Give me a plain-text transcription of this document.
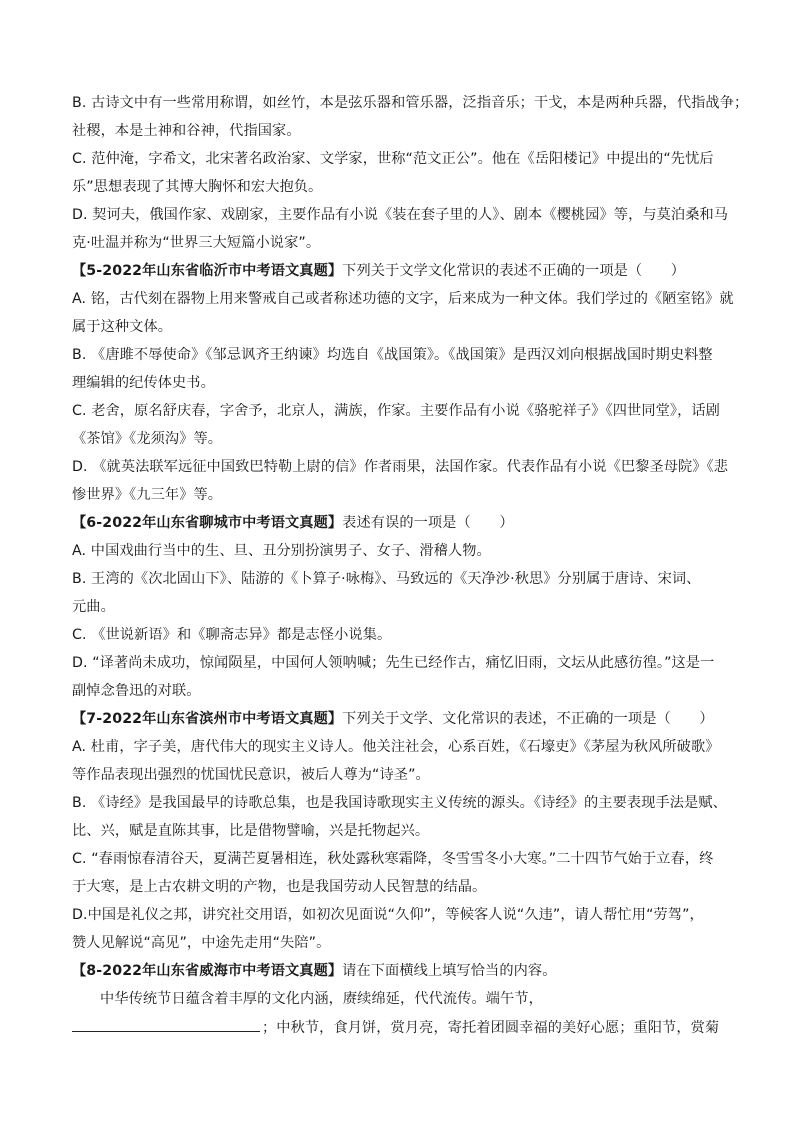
B. 古诗文中有一些常用称谓，如丝竹，本是弦乐器和管乐器，泛指音乐；干戈，本是两种兵器，代指战争；
社稷，本是土神和谷神，代指国家。
C. 范仲淹，字希文，北宋著名政治家、文学家，世称“范文正公”。他在《岳阳楼记》中提出的“先忧后
乐”思想表现了其博大胸怀和宏大抱负。
D. 契诃夫，俄国作家、戏剧家，主要作品有小说《装在套子里的人》、剧本《樱桃园》等，与莫泊桑和马
克·吐温并称为“世界三大短篇小说家”。
【5-2022年山东省临沂市中考语文真题】下列关于文学文化常识的表述不正确的一项是（　　）
A. 铭，古代刻在器物上用来警戒自己或者称述功德的文字，后来成为一种文体。我们学过的《陋室铭》就
属于这种文体。
B. 《唐雎不辱使命》《邹忌讽齐王纳谏》均选自《战国策》。《战国策》是西汉刘向根据战国时期史料整
理编辑的纪传体史书。
C. 老舍，原名舒庆春，字舍予，北京人，满族，作家。主要作品有小说《骆驼祥子》《四世同堂》，话剧
《茶馆》《龙须沟》等。
D. 《就英法联军远征中国致巴特勒上尉的信》作者雨果，法国作家。代表作品有小说《巴黎圣母院》《悲
惨世界》《九三年》等。
【6-2022年山东省聊城市中考语文真题】表述有误的一项是（　　）
A. 中国戏曲行当中的生、旦、丑分别扮演男子、女子、滑稽人物。
B. 王湾的《次北固山下》、陆游的《卜算子·咏梅》、马致远的《天净沙·秋思》分别属于唐诗、宋词、
元曲。
C. 《世说新语》和《聊斋志异》都是志怪小说集。
D. “译著尚未成功，惊闻陨星，中国何人领呐喊；先生已经作古，痛忆旧雨，文坛从此感彷徨。”这是一
副悼念鲁迅的对联。
【7-2022年山东省滨州市中考语文真题】下列关于文学、文化常识的表述，不正确的一项是（　　）
A. 杜甫，字子美，唐代伟大的现实主义诗人。他关注社会，心系百姓，《石壕吏》《茅屋为秋风所破歌》
等作品表现出强烈的忧国忧民意识，被后人尊为“诗圣”。
B. 《诗经》是我国最早的诗歌总集，也是我国诗歌现实主义传统的源头。《诗经》的主要表现手法是赋、
比、兴，赋是直陈其事，比是借物譬喻，兴是托物起兴。
C. “春雨惊春清谷天，夏满芒夏暑相连，秋处露秋寒霜降，冬雪雪冬小大寒。”二十四节气始于立春，终
于大寒，是上古农耕文明的产物，也是我国劳动人民智慧的结晶。
D.中国是礼仪之邦，讲究社交用语，如初次见面说“久仰”，等候客人说“久违”，请人帮忙用“劳驾”，
赞人见解说“高见”，中途先走用“失陪”。
【8-2022年山东省威海市中考语文真题】请在下面横线上填写恰当的内容。
中华传统节日蕴含着丰厚的文化内涵，赓续绵延，代代流传。端午节，
；中秋节，食月饼，赏月亮，寄托着团圆幸福的美好心愿；重阳节，赏菊
